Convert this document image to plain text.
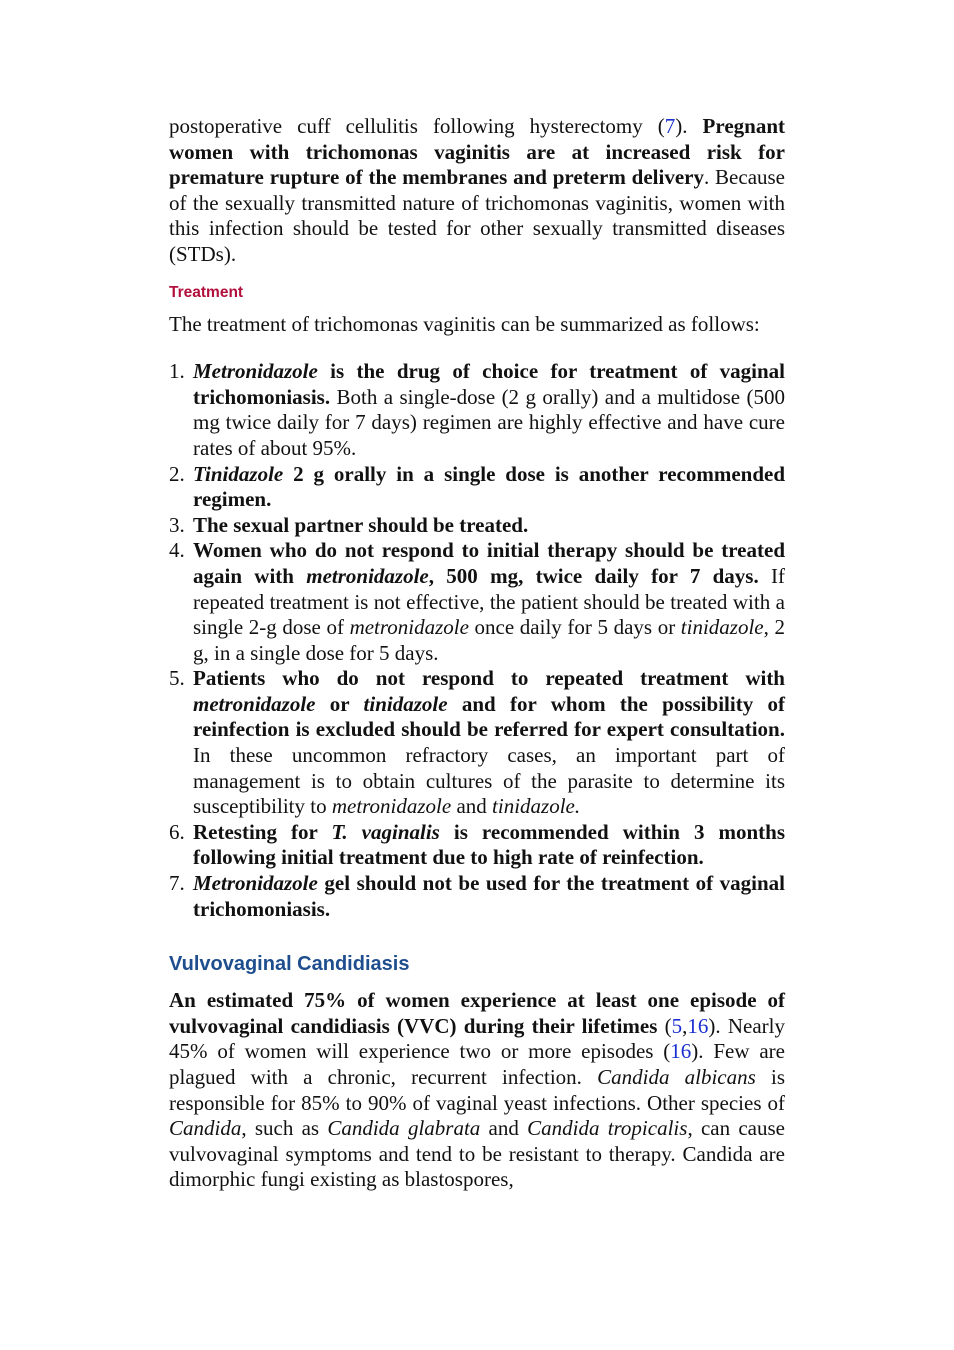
postoperative cuff cellulitis following hysterectomy (7). Pregnant women with trichomonas vaginitis are at increased risk for premature rupture of the membranes and preterm delivery. Because of the sexually transmitted nature of trichomonas vaginitis, women with this infection should be tested for other sexually transmitted diseases (STDs).

Treatment

The treatment of trichomonas vaginitis can be summarized as follows:

1. Metronidazole is the drug of choice for treatment of vaginal trichomoniasis. Both a single-dose (2 g orally) and a multidose (500 mg twice daily for 7 days) regimen are highly effective and have cure rates of about 95%.
2. Tinidazole 2 g orally in a single dose is another recommended regimen.
3. The sexual partner should be treated.
4. Women who do not respond to initial therapy should be treated again with metronidazole, 500 mg, twice daily for 7 days. If repeated treatment is not effective, the patient should be treated with a single 2-g dose of metronidazole once daily for 5 days or tinidazole, 2 g, in a single dose for 5 days.
5. Patients who do not respond to repeated treatment with metronidazole or tinidazole and for whom the possibility of reinfection is excluded should be referred for expert consultation. In these uncommon refractory cases, an important part of management is to obtain cultures of the parasite to determine its susceptibility to metronidazole and tinidazole.
6. Retesting for T. vaginalis is recommended within 3 months following initial treatment due to high rate of reinfection.
7. Metronidazole gel should not be used for the treatment of vaginal trichomoniasis.
Vulvovaginal Candidiasis

An estimated 75% of women experience at least one episode of vulvovaginal candidiasis (VVC) during their lifetimes (5,16). Nearly 45% of women will experience two or more episodes (16). Few are plagued with a chronic, recurrent infection. Candida albicans is responsible for 85% to 90% of vaginal yeast infections. Other species of Candida, such as Candida glabrata and Candida tropicalis, can cause vulvovaginal symptoms and tend to be resistant to therapy. Candida are dimorphic fungi existing as blastospores,
